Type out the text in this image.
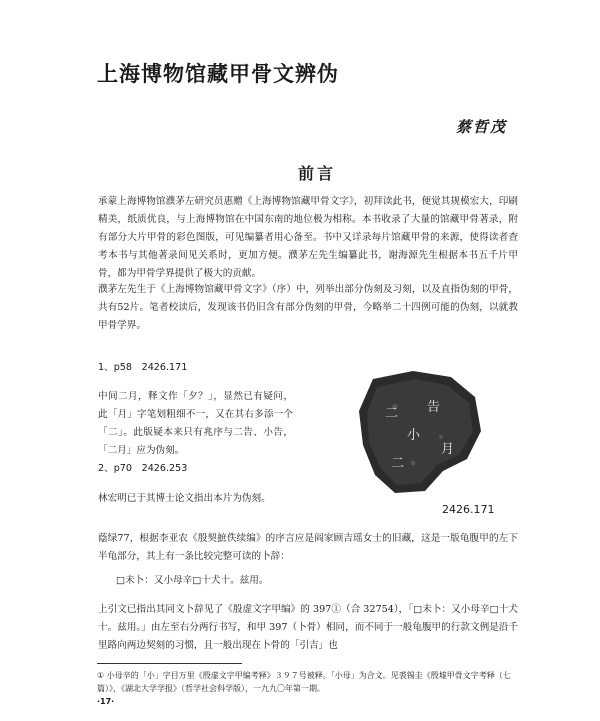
上海博物馆藏甲骨文辨伪
蔡哲茂
前言
承蒙上海博物馆濮茅左研究员惠赠《上海博物馆藏甲骨文字》，初拜读此书，便觉其规模宏大，印刷精美，纸质优良，与上海博物馆在中国东南的地位极为相称。本书收录了大量的馆藏甲骨著录，附有部分大片甲骨的彩色图版，可见编纂者用心备至。书中又详录每片馆藏甲骨的来源，使得读者查考本书与其他著录间见关系时，更加方便。濮茅左先生编纂此书，谢海源先生根据本书五千片甲骨，都为甲骨学界提供了极大的贡献。
濮茅左先生于《上海博物馆藏甲骨文字》（序）中，列举出部分伪刻及习刻，以及直指伪刻的甲骨，共有52片。笔者校读后，发现该书仍旧含有部分伪刻的甲骨，今略举二十四例可能的伪刻，以就教甲骨学界。
1、p58　2426.171
中间二月，释文作「夕？」，显然已有疑问，此「月」字笔划粗细不一，又在其右多添一个「二」。此版疑本来只有兆序与二告、小告，「二月」应为伪刻。
二 告
小
月
二
2、p70　2426.253
林宏明已于其博士论文指出本片为伪刻。
2426.171
蔭绿77，根据李亚农《殷契摭佚续编》的序言应是阎家顾吉瑶女士的旧藏，这是一版龟腹甲的左下半龟部分，其上有一条比较完整可读的卜辞：
□未卜：又小母辛□十犬十。兹用。
上引文已指出其同文卜辞见了《殷虚文字甲编》的 397①（合 32754），「□未卜：又小母辛□十犬十。兹用。」由左至右分两行书写，和甲 397（卜骨）相同，而不同于一般龟腹甲的行款文例是沿千里路向两边契刻的习惯，且一般出现在卜骨的「引吉」也
① 小母辛的「小」字目万里《殷虚文字甲编考释》３９７号被释。「小母」为合文。见裘锡圭《殷墟甲骨文字考释（七篇）》，《湖北大学学报》（哲学社会科学版），一九九〇年第一期。
·17·
